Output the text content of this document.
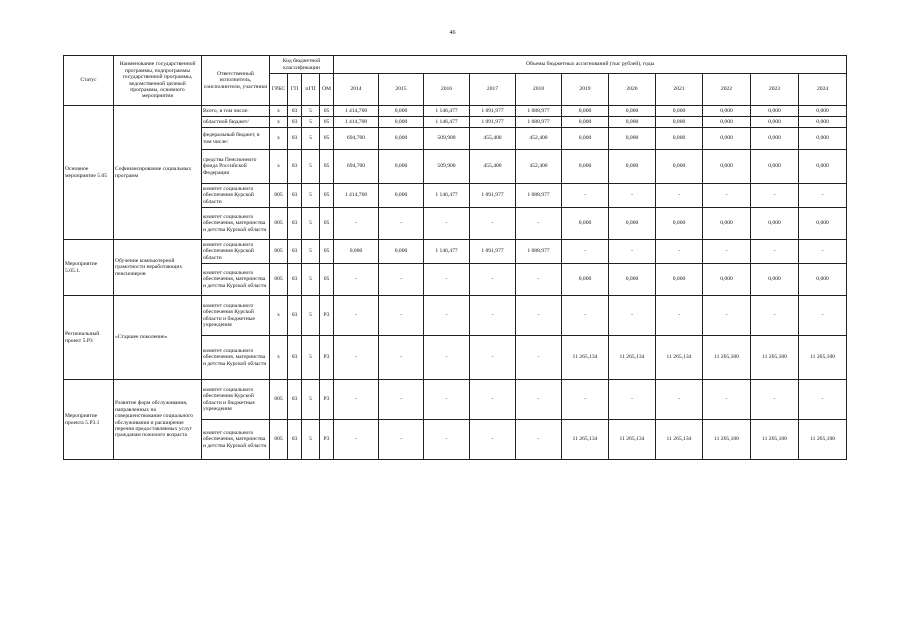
46
Статус	Наименование государственной программы, подпрограммы государственной программы, ведомственной целевой программы, основного мероприятия	Ответственный исполнитель, соисполнители, участники	Код бюджетной классификации				Объемы бюджетных ассигнований (тыс рублей), годы										
			ГРБС	ГП	пГП	ОМ	2014	2015	2016	2017	2018	2019	2020	2021	2022	2023	2024
Основное мероприятие 5.05	Софинансирование социальных программ	Всего, в том числе:	x	03	5	05	1 414,700	0,000	1 146,477	1 091,977	1 088,977	0,000	0,000	0,000	0,000	0,000	0,000
		областной бюджет/	x	03	5	05	1 414,700	0,000	1 146,477	1 091,977	1 088,977	0,000	0,000	0,000	0,000	0,000	0,000
		федеральный бюджет, в том числе:	x	03	5	05	694,700	0,000	509,900	455,400	452,400	0,000	0,000	0,000	0,000	0,000	0,000
		средства Пенсионного фонда Российской Федерации	x	03	5	05	694,700	0,000	509,900	455,400	452,400	0,000	0,000	0,000	0,000	0,000	0,000
		комитет социального обеспечения Курской области	805	03	5	05	1 414,700	0,000	1 146,477	1 091,977	1 088,977	-	-	-	-	-	-
		комитет социального обеспечения, материнства и детства Курской области	805	03	5	05	-	-	-	-	-	0,000	0,000	0,000	0,000	0,000	0,000
Мероприятие 5.05.1.	Обучение компьютерной грамотности неработающих пенсионеров	комитет социального обеспечения Курской области	805	03	5	05	0,000	0,000	1 146,477	1 091,977	1 088,977	-	-	-	-	-	-
		комитет социального обеспечения, материнства и детства Курской области	805	03	5	05	-	-	-	-	-	0,000	0,000	0,000	0,000	0,000	0,000
Региональный проект 5.Р3	«Старшее поколение»	комитет социального обеспечения Курской области и бюджетные учреждения	x	03	5	Р3	-	-	-	-	-	-	-	-	-	-	-
		комитет социального обеспечения, материнства и детства Курской области	x	03	5	Р3	-	-	-	-	-	11 265,134	11 265,134	11 265,134	11 265,100	11 265,100	11 265,100
Мероприятие проекта 5.Р3.1	Развитие форм обслуживания, направленных на совершенствование социального обслуживания и расширение перечня предоставляемых услуг гражданам пожилого возраста	комитет социального обеспечения Курской области и бюджетные учреждения	805	03	5	Р3	-	-	-	-	-	-	-	-	-	-	-
		комитет социального обеспечения, материнства и детства Курской области	805	03	5	Р3	-	-	-	-	-	11 265,134	11 265,134	11 265,134	11 265,100	11 265,100	11 265,100
